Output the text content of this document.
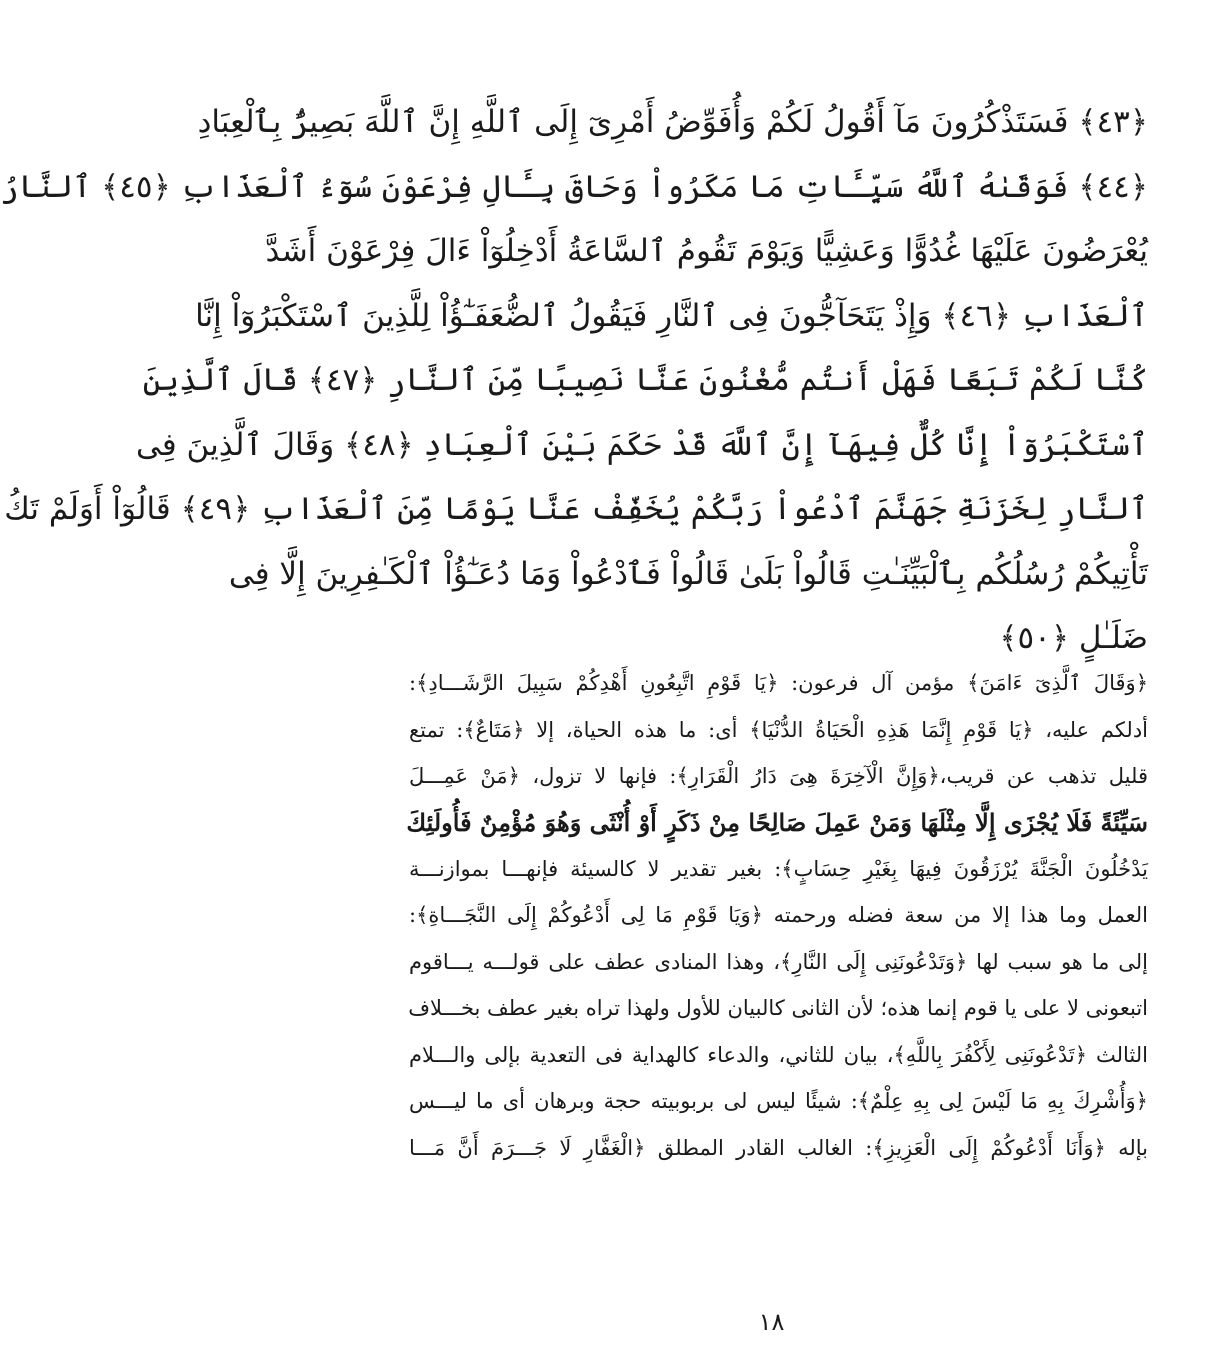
﴿٤٣﴾ فَسَتَذْكُرُونَ مَآ أَقُولُ لَكُمْ وَأُفَوِّضُ أَمْرِىٓ إِلَى ٱللَّهِ إِنَّ ٱللَّهَ بَصِيرٌۢ بِٱلْعِبَادِ
﴿٤٤﴾ فَوَقَىٰهُ ٱللَّهُ سَيِّـَٔاتِ مَا مَكَرُواْ وَحَاقَ بِـَٔالِ فِرْعَوْنَ سُوٓءُ ٱلْعَذَابِ ﴿٤٥﴾ ٱلنَّارُ
يُعْرَضُونَ عَلَيْهَا غُدُوًّا وَعَشِيًّا وَيَوْمَ تَقُومُ ٱلسَّاعَةُ أَدْخِلُوٓاْ ءَالَ فِرْعَوْنَ أَشَدَّ
ٱلْعَذَابِ ﴿٤٦﴾ وَإِذْ يَتَحَآجُّونَ فِى ٱلنَّارِ فَيَقُولُ ٱلضُّعَفَـٰٓؤُاْ لِلَّذِينَ ٱسْتَكْبَرُوٓاْ إِنَّا
كُنَّا لَكُمْ تَبَعًا فَهَلْ أَنتُم مُّغْنُونَ عَنَّا نَصِيبًا مِّنَ ٱلنَّارِ ﴿٤٧﴾ قَالَ ٱلَّذِينَ
ٱسْتَكْبَرُوٓاْ إِنَّا كُلٌّ فِيهَآ إِنَّ ٱللَّهَ قَدْ حَكَمَ بَيْنَ ٱلْعِبَادِ ﴿٤٨﴾ وَقَالَ ٱلَّذِينَ فِى
ٱلنَّارِ لِخَزَنَةِ جَهَنَّمَ ٱدْعُواْ رَبَّكُمْ يُخَفِّفْ عَنَّا يَوْمًا مِّنَ ٱلْعَذَابِ ﴿٤٩﴾ قَالُوٓاْ أَوَلَمْ تَكُ
تَأْتِيكُمْ رُسُلُكُم بِٱلْبَيِّنَـٰتِ قَالُواْ بَلَىٰ قَالُواْ فَٱدْعُواْ وَمَا دُعَـٰٓؤُاْ ٱلْكَـٰفِرِينَ إِلَّا فِى
ضَلَـٰلٍ ﴿٥٠﴾
﴿وَقَالَ ٱلَّذِىٓ ءَامَنَ﴾ مؤمن آل فرعون: ﴿يَا قَوْمِ اتَّبِعُونِ أَهْدِكُمْ سَبِيلَ الرَّشَـــادِ﴾:
أدلكم عليه، ﴿يَا قَوْمِ إِنَّمَا هَذِهِ الْحَيَاةُ الدُّنْيَا﴾ أى: ما هذه الحياة، إلا ﴿مَتَاعٌ﴾: تمتع
قليل تذهب عن قريب،﴿وَإِنَّ الْآخِرَةَ هِىَ دَارُ الْقَرَارِ﴾: فإنها لا تزول، ﴿مَنْ عَمِـــلَ
سَيِّئَةً فَلَا يُجْزَى إِلَّا مِثْلَهَا وَمَنْ عَمِلَ صَالِحًا مِنْ ذَكَرٍ أَوْ أُنْثَى وَهُوَ مُؤْمِنٌ فَأُولَئِكَ
يَدْخُلُونَ الْجَنَّةَ يُرْزَقُونَ فِيهَا بِغَيْرِ حِسَابٍ﴾: بغير تقدير لا كالسيئة فإنهـــا بموازنـــة
العمل وما هذا إلا من سعة فضله ورحمته ﴿وَيَا قَوْمِ مَا لِى أَدْعُوكُمْ إِلَى النَّجَـــاةِ﴾:
إلى ما هو سبب لها ﴿وَتَدْعُونَنِى إِلَى النَّارِ﴾، وهذا المنادى عطف على قولـــه يـــاقوم
اتبعونى لا على يا قوم إنما هذه؛ لأن الثانى كالبيان للأول ولهذا تراه بغير عطف بخـــلاف
الثالث ﴿تَدْعُونَنِى لِأَكْفُرَ بِاللَّهِ﴾، بيان للثاني، والدعاء كالهداية فى التعدية بإلى والـــلام
﴿وَأُشْرِكَ بِهِ مَا لَيْسَ لِى بِهِ عِلْمٌ﴾: شيئًا ليس لى بربوبيته حجة وبرهان أى ما ليـــس
بإله ﴿وَأَنَا أَدْعُوكُمْ إِلَى الْعَزِيزِ﴾: الغالب القادر المطلق ﴿الْغَفَّارِ لَا جَـــرَمَ أَنَّ مَـــا
١٨
